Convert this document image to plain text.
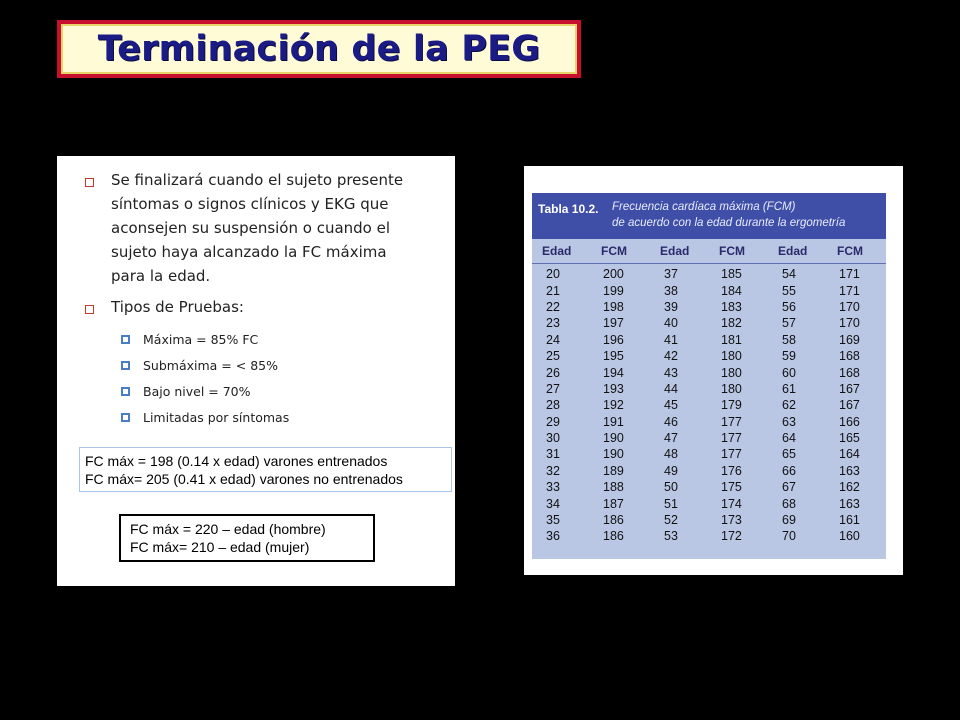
Terminación de la PEG
Se finalizará cuando el sujeto presente síntomas o signos clínicos y EKG que aconsejen su suspensión o cuando el sujeto haya alcanzado la FC máxima para la edad.
Tipos de Pruebas:
Máxima = 85% FC
Submáxima = < 85%
Bajo nivel = 70%
Limitadas por síntomas
FC máx = 198 (0.14 x edad) varones entrenados
FC máx= 205 (0.41 x edad) varones no entrenados
FC máx = 220 – edad (hombre)
FC máx= 210 – edad (mujer)
Tabla 10.2. Frecuencia cardíaca máxima (FCM)
de acuerdo con la edad durante la ergometría
Edad	FCM	Edad	FCM	Edad	FCM
20	200	37	185	54	171
21	199	38	184	55	171
22	198	39	183	56	170
23	197	40	182	57	170
24	196	41	181	58	169
25	195	42	180	59	168
26	194	43	180	60	168
27	193	44	180	61	167
28	192	45	179	62	167
29	191	46	177	63	166
30	190	47	177	64	165
31	190	48	177	65	164
32	189	49	176	66	163
33	188	50	175	67	162
34	187	51	174	68	163
35	186	52	173	69	161
36	186	53	172	70	160
